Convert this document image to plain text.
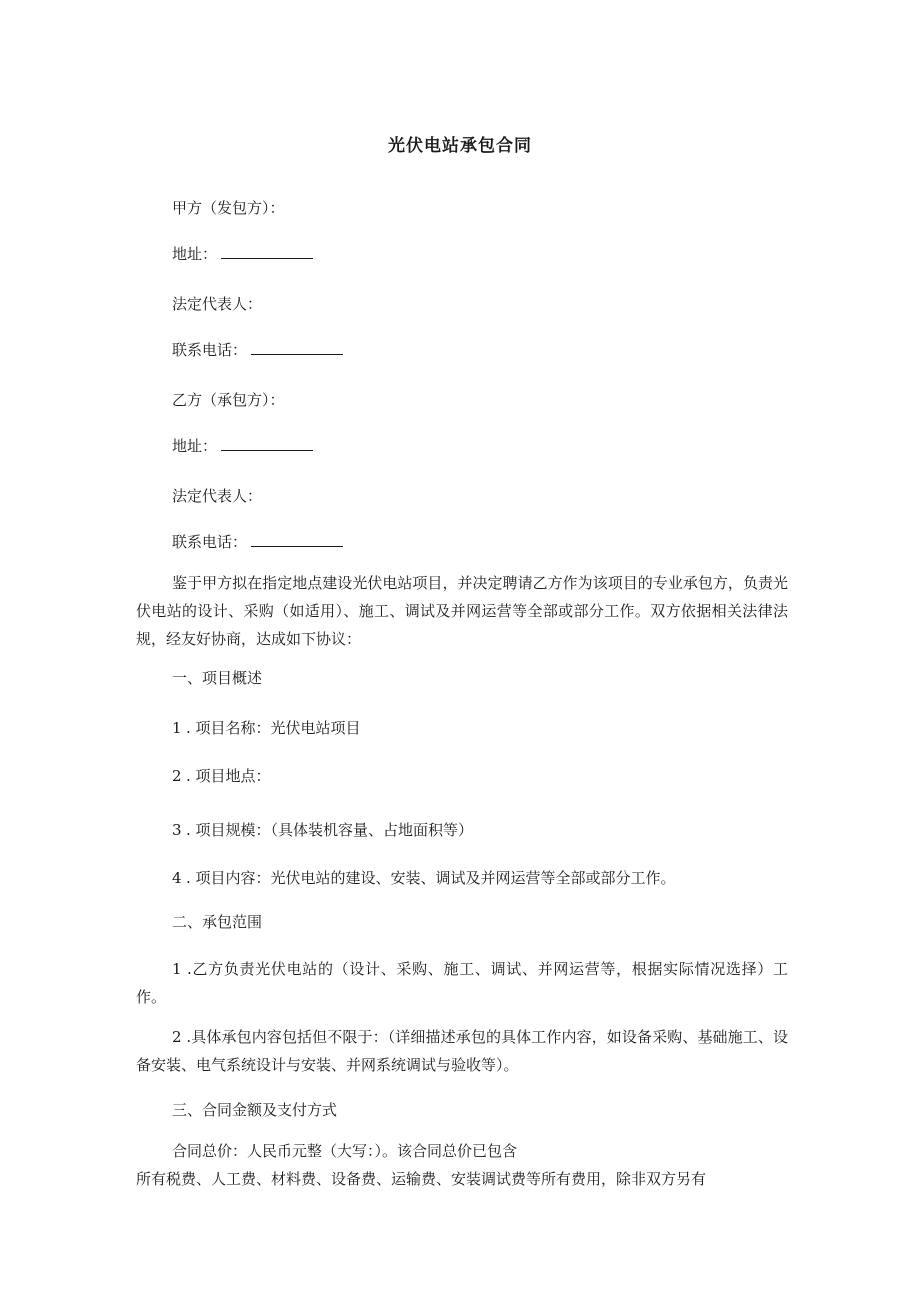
光伏电站承包合同
甲方（发包方）：
地址：
法定代表人：
联系电话：
乙方（承包方）：
地址：
法定代表人：
联系电话：
鉴于甲方拟在指定地点建设光伏电站项目，并决定聘请乙方作为该项目的专业承包方，负责光伏电站的设计、采购（如适用）、施工、调试及并网运营等全部或部分工作。双方依据相关法律法规，经友好协商，达成如下协议：
一、项目概述
1 . 项目名称：光伏电站项目
2 . 项目地点：
3 . 项目规模：（具体装机容量、占地面积等）
4 . 项目内容：光伏电站的建设、安装、调试及并网运营等全部或部分工作。
二、承包范围
1 .乙方负责光伏电站的（设计、采购、施工、调试、并网运营等，根据实际情况选择）工作。
2 .具体承包内容包括但不限于：（详细描述承包的具体工作内容，如设备采购、基础施工、设备安装、电气系统设计与安装、并网系统调试与验收等）。
三、合同金额及支付方式
合同总价：人民币元整（大写：）。该合同总价已包含
所有税费、人工费、材料费、设备费、运输费、安装调试费等所有费用，除非双方另有
